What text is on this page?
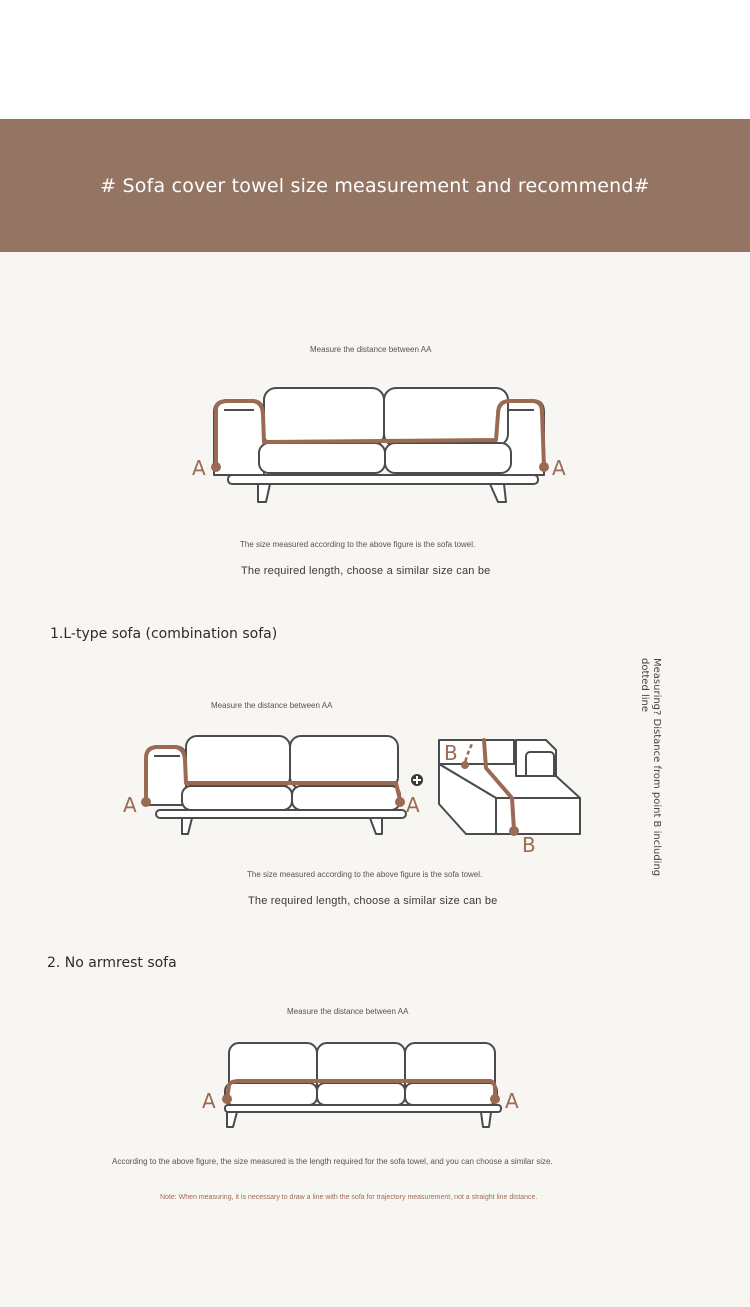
# Sofa cover towel size measurement and recommend#
Measure the distance between AA
A	A
The size measured according to the above figure is the sofa towel.
The required length, choose a similar size can be
1.L-type sofa (combination sofa)
Measure the distance between AA
A	A
B
B	Measuring? Distance from point B including dotted line
The size measured according to the above figure is the sofa towel.
The required length, choose a similar size can be
2. No armrest sofa
Measure the distance between AA
A	A
According to the above figure, the size measured is the length required for the sofa towel, and you can choose a similar size.
Note: When measuring, it is necessary to draw a line with the sofa for trajectory measurement, not a straight line distance.
